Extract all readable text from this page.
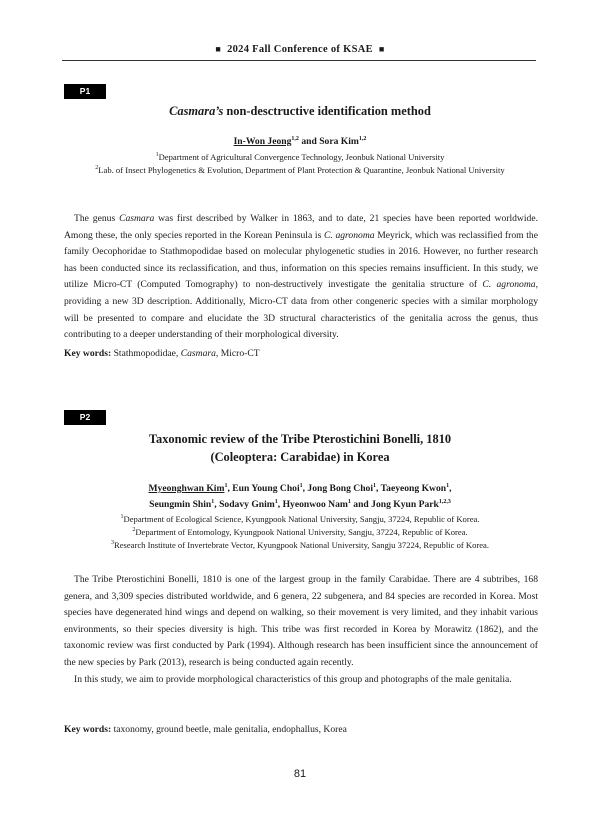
■ 2024 Fall Conference of KSAE ■
P1
Casmara’s non-desctructive identification method
In-Won Jeong$^{1,2}$ and Sora Kim$^{1,2}$
$^1$Department of Agricultural Convergence Technology, Jeonbuk National University
$^2$Lab. of Insect Phylogenetics & Evolution, Department of Plant Protection & Quarantine, Jeonbuk National University

The genus Casmara was first described by Walker in 1863, and to date, 21 species have been reported worldwide. Among these, the only species reported in the Korean Peninsula is C. agronoma Meyrick, which was reclassified from the family Oecophoridae to Stathmopodidae based on molecular phylogenetic studies in 2016. However, no further research has been conducted since its reclassification, and thus, information on this species remains insufficient. In this study, we utilize Micro-CT (Computed Tomography) to non-destructively investigate the genitalia structure of C. agronoma, providing a new 3D description. Additionally, Micro-CT data from other congeneric species with a similar morphology will be presented to compare and elucidate the 3D structural characteristics of the genitalia across the genus, thus contributing to a deeper understanding of their morphological diversity.

Key words: Stathmopodidae, Casmara, Micro-CT
P2
Taxonomic review of the Tribe Pterostichini Bonelli, 1810
(Coleoptera: Carabidae) in Korea
Myeonghwan Kim$^1$, Eun Young Choi$^1$, Jong Bong Choi$^1$, Taeyeong Kwon$^1$,
Seungmin Shin$^1$, Sodavy Gnim$^1$, Hyeonwoo Nam$^1$ and Jong Kyun Park$^{1,2,3}$
$^1$Department of Ecological Science, Kyungpook National University, Sangju, 37224, Republic of Korea.
$^2$Department of Entomology, Kyungpook National University, Sangju, 37224, Republic of Korea.
$^3$Research Institute of Invertebrate Vector, Kyungpook National University, Sangju 37224, Republic of Korea.

The Tribe Pterostichini Bonelli, 1810 is one of the largest group in the family Carabidae. There are 4 subtribes, 168 genera, and 3,309 species distributed worldwide, and 6 genera, 22 subgenera, and 84 species are recorded in Korea. Most species have degenerated hind wings and depend on walking, so their movement is very limited, and they inhabit various environments, so their species diversity is high. This tribe was first recorded in Korea by Morawitz (1862), and the taxonomic review was first conducted by Park (1994). Although research has been insufficient since the announcement of the new species by Park (2013), research is being conducted again recently.

In this study, we aim to provide morphological characteristics of this group and photographs of the male genitalia.

Key words: taxonomy, ground beetle, male genitalia, endophallus, Korea
81
